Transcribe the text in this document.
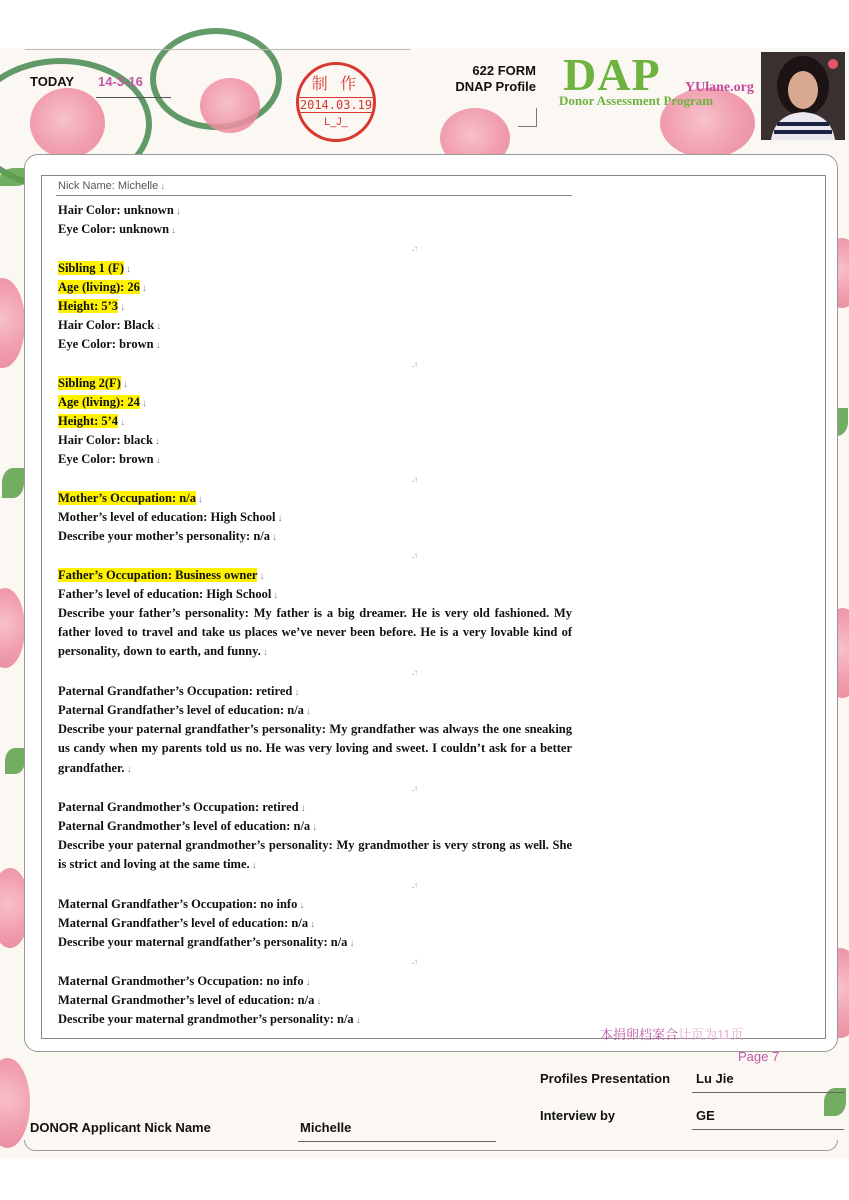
TODAY 14-3-16	制 作
2014.03.19
L_J_
622 FORM
DNAP Profile DAP YUlane.org
Donor Assessment Program
Nick Name: Michelle ↓
Hair Color: unknown ↓
Eye Color: unknown ↓
.↑
Sibling 1 (F) ↓
Age (living): 26 ↓
Height: 5’3 ↓
Hair Color: Black ↓
Eye Color: brown ↓
.↑
Sibling 2(F) ↓
Age (living): 24 ↓
Height: 5’4 ↓
Hair Color: black ↓
Eye Color: brown ↓
.↑
Mother’s Occupation: n/a ↓
Mother’s level of education: High School ↓
Describe your mother’s personality: n/a ↓
.↑
Father’s Occupation: Business owner ↓
Father’s level of education: High School ↓
Describe your father’s personality: My father is a big dreamer. He is very old fashioned. My father loved to travel and take us places we’ve never been before. He is a very lovable kind of personality, down to earth, and funny. ↓
.↑
Paternal Grandfather’s Occupation: retired ↓
Paternal Grandfather’s level of education: n/a ↓
Describe your paternal grandfather’s personality: My grandfather was always the one sneaking us candy when my parents told us no. He was very loving and sweet. I couldn’t ask for a better grandfather. ↓
.↑
Paternal Grandmother’s Occupation: retired ↓
Paternal Grandmother’s level of education: n/a ↓
Describe your paternal grandmother’s personality: My grandmother is very strong as well. She is strict and loving at the same time. ↓
.↑
Maternal Grandfather’s Occupation: no info ↓
Maternal Grandfather’s level of education: n/a ↓
Describe your maternal grandfather’s personality: n/a ↓
.↑
Maternal Grandmother’s Occupation: no info ↓
Maternal Grandmother’s level of education: n/a ↓
Describe your maternal grandmother’s personality: n/a ↓
本捐卵档案合计页为11页
Page 7
Profiles Presentation Lu Jie
Interview by	GE
DONOR Applicant Nick Name	Michelle
